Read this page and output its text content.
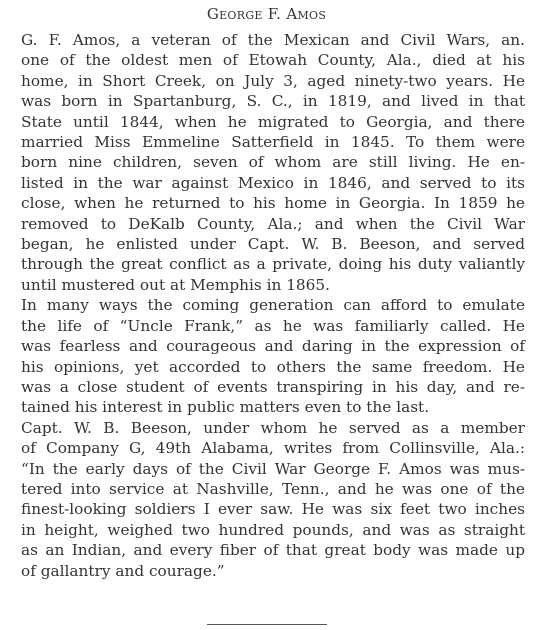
George F. Amos

G. F. Amos, a veteran of the Mexican and Civil Wars, an.
one of the oldest men of Etowah County, Ala., died at his
home, in Short Creek, on July 3, aged ninety-two years. He
was born in Spartanburg, S. C., in 1819, and lived in that
State until 1844, when he migrated to Georgia, and there
married Miss Emmeline Satterfield in 1845. To them were
born nine children, seven of whom are still living. He en-
listed in the war against Mexico in 1846, and served to its
close, when he returned to his home in Georgia. In 1859 he
removed to DeKalb County, Ala.; and when the Civil War
began, he enlisted under Capt. W. B. Beeson, and served
through the great conflict as a private, doing his duty valiantly
until mustered out at Memphis in 1865.

In many ways the coming generation can afford to emulate
the life of “Uncle Frank,” as he was familiarly called. He
was fearless and courageous and daring in the expression of
his opinions, yet accorded to others the same freedom. He
was a close student of events transpiring in his day, and re-
tained his interest in public matters even to the last.

Capt. W. B. Beeson, under whom he served as a member
of Company G, 49th Alabama, writes from Collinsville, Ala.:
“In the early days of the Civil War George F. Amos was mus-
tered into service at Nashville, Tenn., and he was one of the
finest-looking soldiers I ever saw. He was six feet two inches
in height, weighed two hundred pounds, and was as straight
as an Indian, and every fiber of that great body was made up
of gallantry and courage.”
